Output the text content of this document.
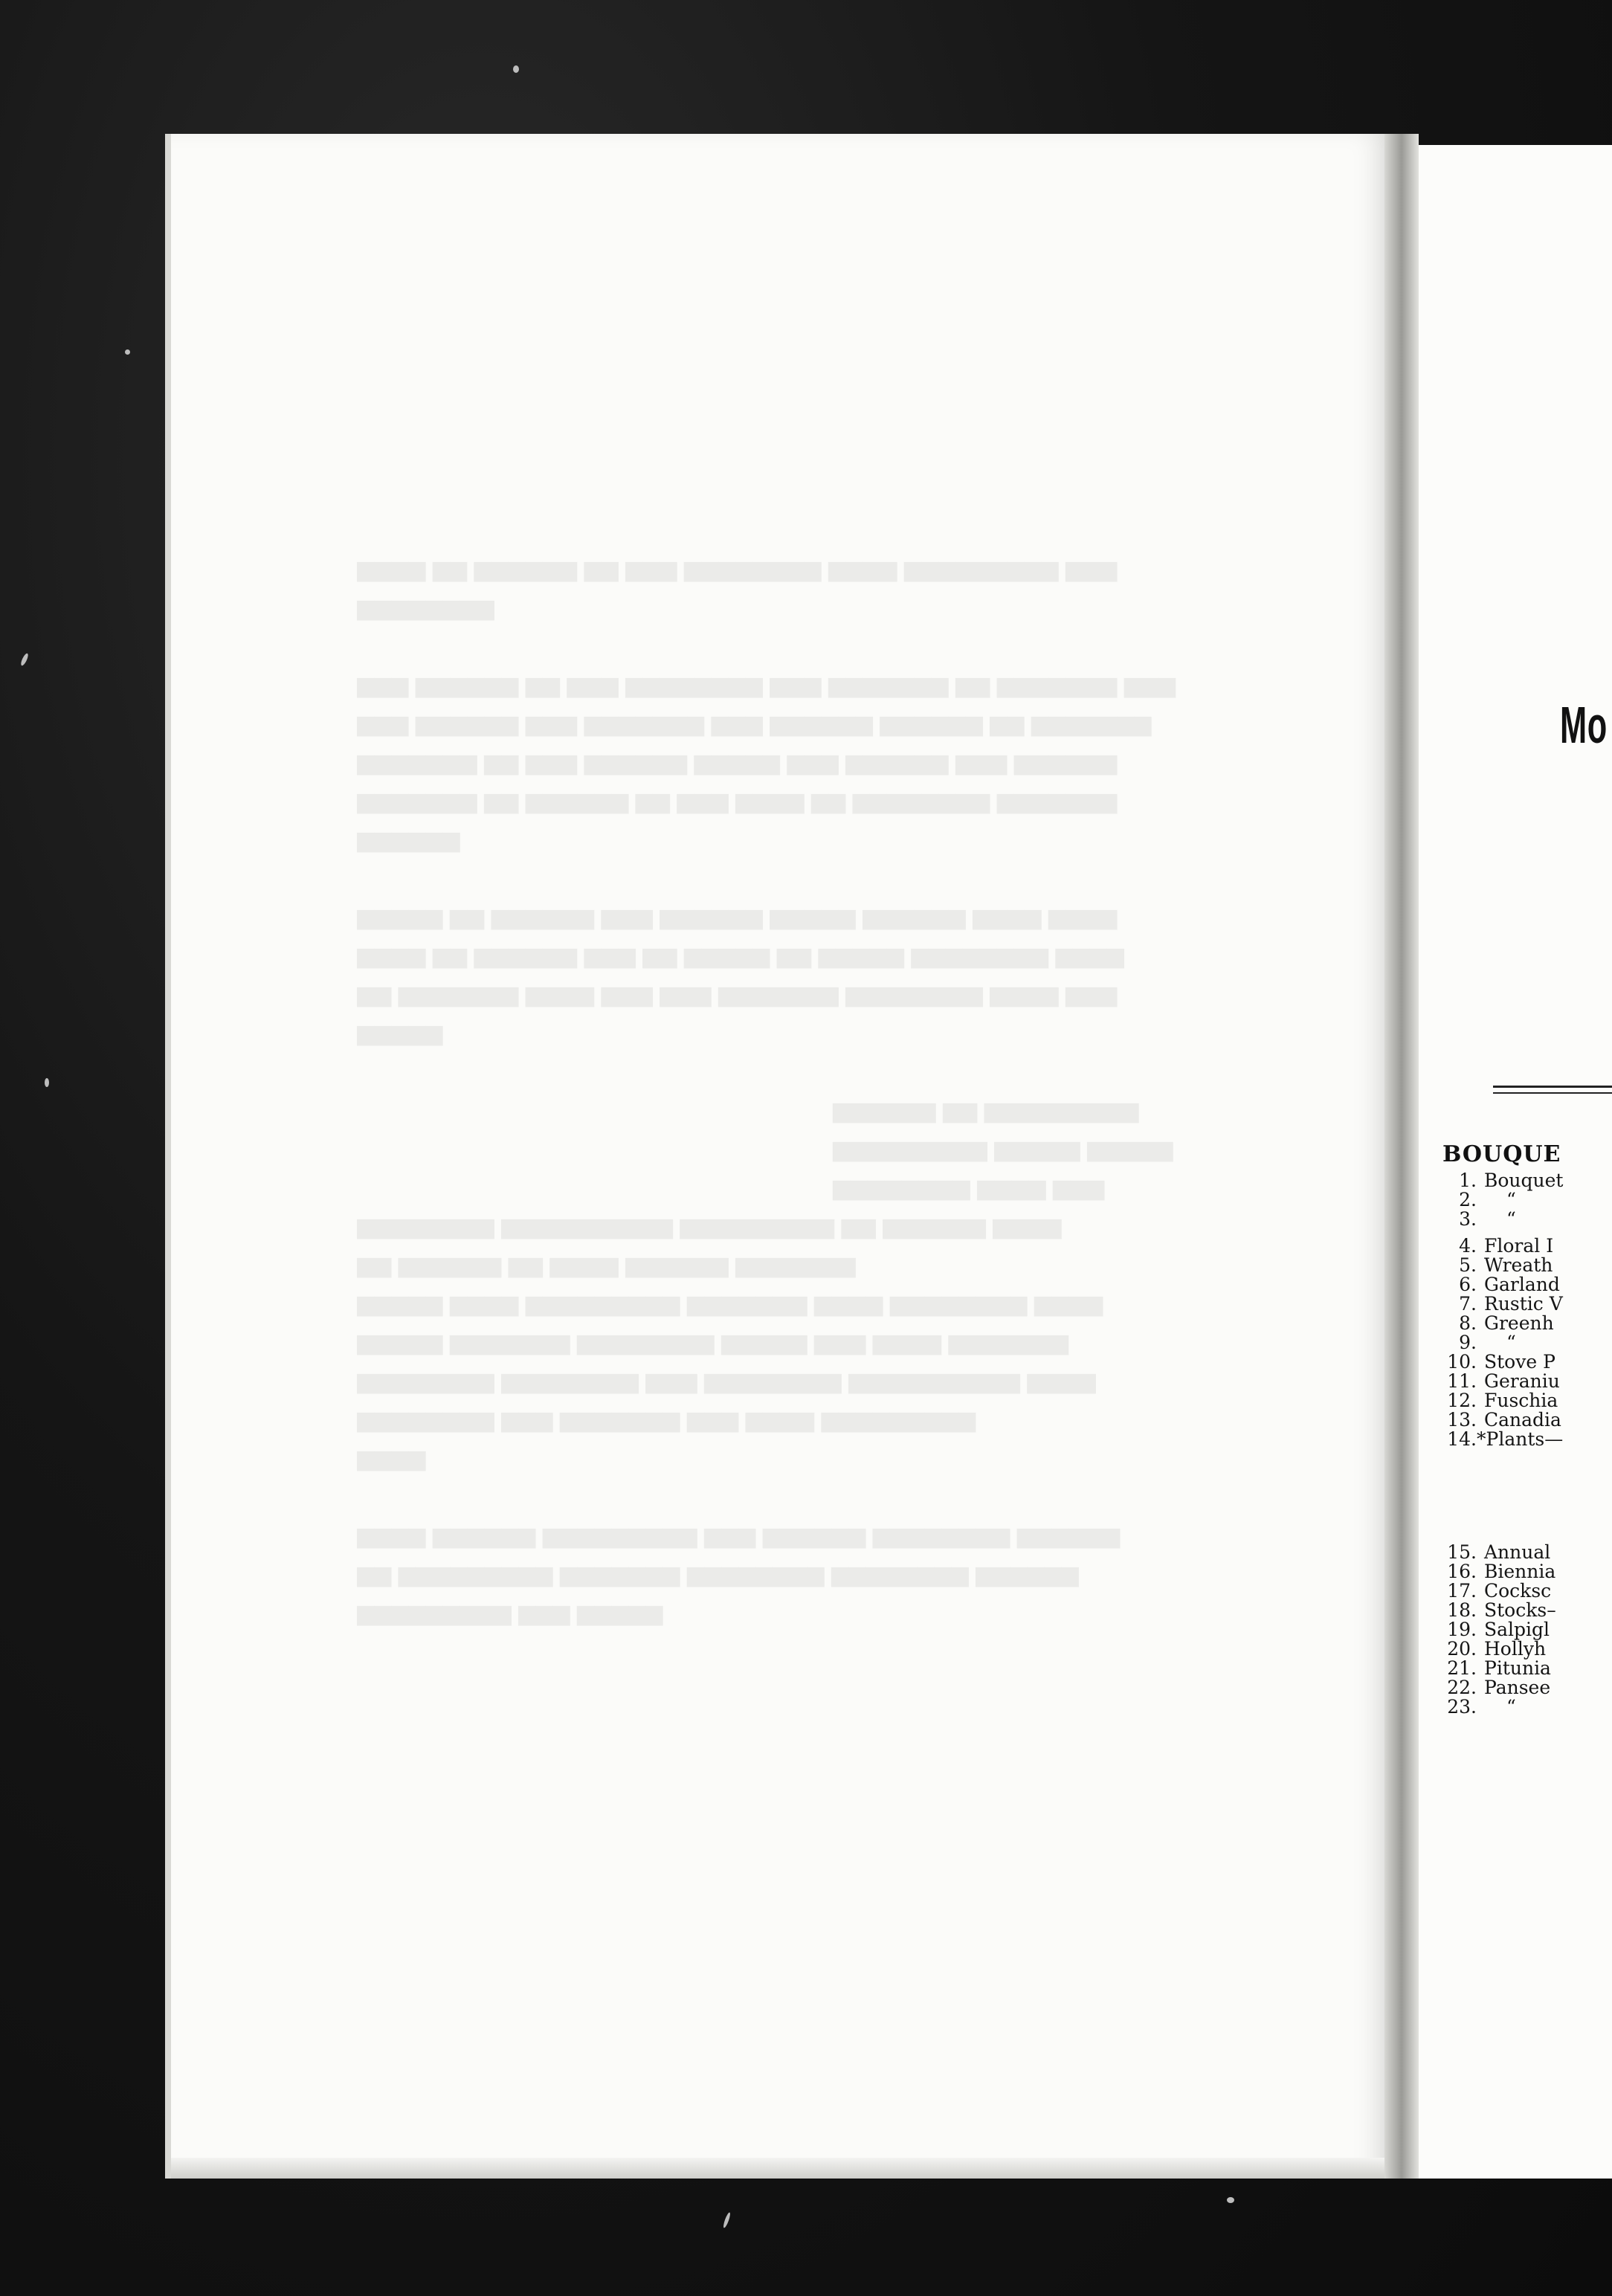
▆▆▆▆ ▆▆ ▆▆▆▆▆▆ ▆▆ ▆▆▆ ▆▆▆▆▆▆▆▆ ▆▆▆▆ ▆▆▆▆▆▆▆▆▆ ▆▆▆
▆▆▆▆▆▆▆▆

▆▆▆ ▆▆▆▆▆▆ ▆▆ ▆▆▆ ▆▆▆▆▆▆▆▆ ▆▆▆ ▆▆▆▆▆▆▆ ▆▆ ▆▆▆▆▆▆▆ ▆▆▆
▆▆▆ ▆▆▆▆▆▆ ▆▆▆ ▆▆▆▆▆▆▆ ▆▆▆ ▆▆▆▆▆▆ ▆▆▆▆▆▆ ▆▆ ▆▆▆▆▆▆▆
▆▆▆▆▆▆▆ ▆▆ ▆▆▆ ▆▆▆▆▆▆ ▆▆▆▆▆ ▆▆▆ ▆▆▆▆▆▆ ▆▆▆ ▆▆▆▆▆▆
▆▆▆▆▆▆▆ ▆▆ ▆▆▆▆▆▆ ▆▆ ▆▆▆ ▆▆▆▆ ▆▆ ▆▆▆▆▆▆▆▆ ▆▆▆▆▆▆▆
▆▆▆▆▆▆

▆▆▆▆▆ ▆▆ ▆▆▆▆▆▆ ▆▆▆ ▆▆▆▆▆▆ ▆▆▆▆▆ ▆▆▆▆▆▆ ▆▆▆▆ ▆▆▆▆
▆▆▆▆ ▆▆ ▆▆▆▆▆▆ ▆▆▆ ▆▆ ▆▆▆▆▆ ▆▆ ▆▆▆▆▆ ▆▆▆▆▆▆▆▆ ▆▆▆▆
▆▆ ▆▆▆▆▆▆▆ ▆▆▆▆ ▆▆▆ ▆▆▆ ▆▆▆▆▆▆▆ ▆▆▆▆▆▆▆▆ ▆▆▆▆ ▆▆▆
▆▆▆▆▆

▆▆▆▆▆▆ ▆▆ ▆▆▆▆▆▆▆▆▆
▆▆▆▆▆▆▆▆▆ ▆▆▆▆▆ ▆▆▆▆▆
▆▆▆▆▆▆▆▆ ▆▆▆▆ ▆▆▆
▆▆▆▆▆▆▆▆ ▆▆▆▆▆▆▆▆▆▆ ▆▆▆▆▆▆▆▆▆ ▆▆ ▆▆▆▆▆▆ ▆▆▆▆
▆▆ ▆▆▆▆▆▆ ▆▆ ▆▆▆▆ ▆▆▆▆▆▆ ▆▆▆▆▆▆▆
▆▆▆▆▆ ▆▆▆▆ ▆▆▆▆▆▆▆▆▆ ▆▆▆▆▆▆▆ ▆▆▆▆ ▆▆▆▆▆▆▆▆ ▆▆▆▆
▆▆▆▆▆ ▆▆▆▆▆▆▆ ▆▆▆▆▆▆▆▆ ▆▆▆▆▆ ▆▆▆ ▆▆▆▆ ▆▆▆▆▆▆▆
▆▆▆▆▆▆▆▆ ▆▆▆▆▆▆▆▆ ▆▆▆ ▆▆▆▆▆▆▆▆ ▆▆▆▆▆▆▆▆▆▆ ▆▆▆▆
▆▆▆▆▆▆▆▆ ▆▆▆ ▆▆▆▆▆▆▆ ▆▆▆ ▆▆▆▆ ▆▆▆▆▆▆▆▆▆
▆▆▆▆

▆▆▆▆ ▆▆▆▆▆▆ ▆▆▆▆▆▆▆▆▆ ▆▆▆ ▆▆▆▆▆▆ ▆▆▆▆▆▆▆▆ ▆▆▆▆▆▆
▆▆ ▆▆▆▆▆▆▆▆▆ ▆▆▆▆▆▆▆ ▆▆▆▆▆▆▆▆ ▆▆▆▆▆▆▆▆ ▆▆▆▆▆▆
▆▆▆▆▆▆▆▆▆ ▆▆▆ ▆▆▆▆▆
Mo
BOUQUE
1. Bouquet
2. “
3. “
4. Floral I
5. Wreath
6. Garland
7. Rustic V
8. Greenh
9. “
10. Stove P
11. Geraniu
12. Fuschia
13. Canadia
14.*Plants—
15. Annual
16. Biennia
17. Cocksc
18. Stocks–
19. Salpigl
20. Hollyh
21. Pitunia
22. Pansee
23. “
